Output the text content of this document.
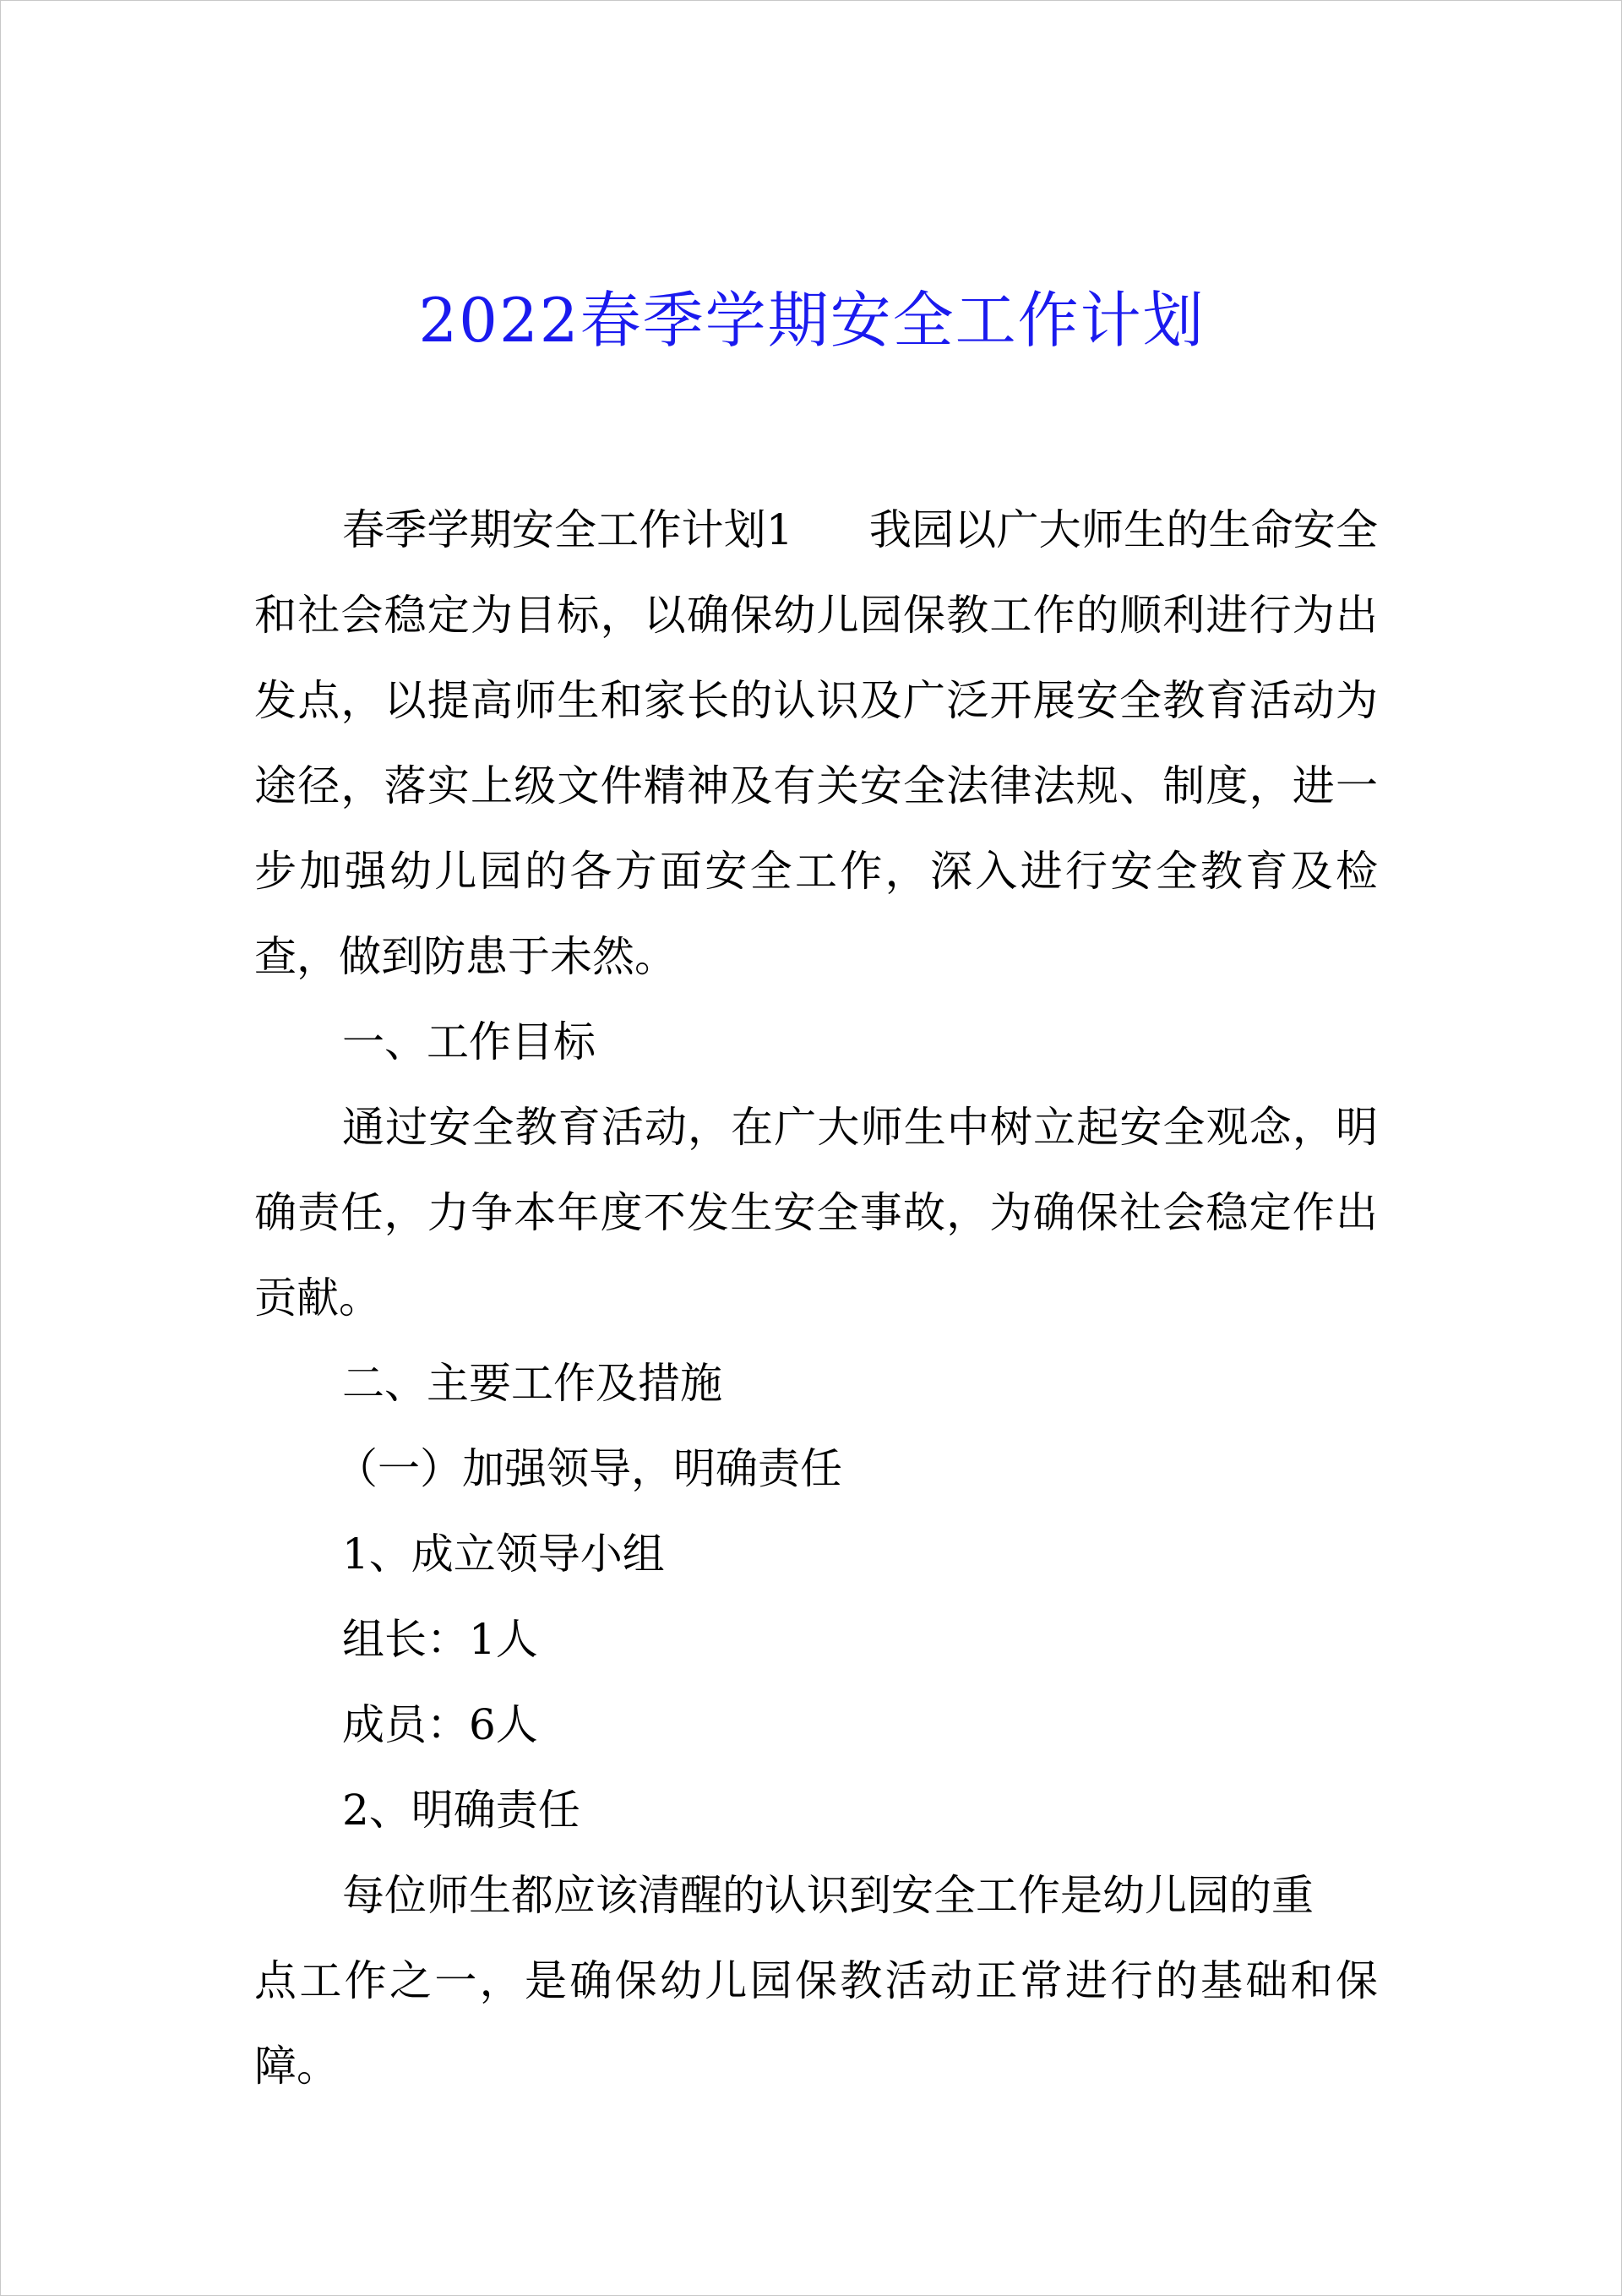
2022春季学期安全工作计划

春季学期安全工作计划1 我园以广大师生的生命安全和社会稳定为目标，以确保幼儿园保教工作的顺利进行为出发点，以提高师生和家长的认识及广泛开展安全教育活动为途径，落实上级文件精神及有关安全法律法规、制度，进一步加强幼儿园的各方面安全工作，深入进行安全教育及检查，做到防患于未然。

一、工作目标

通过安全教育活动，在广大师生中树立起安全观念，明确责任，力争本年度不发生安全事故，为确保社会稳定作出贡献。

二、主要工作及措施

（一）加强领导，明确责任

1、成立领导小组

组长：1人

成员：6人

2、明确责任

每位师生都应该清醒的认识到安全工作是幼儿园的重

点工作之一，是确保幼儿园保教活动正常进行的基础和保障。
